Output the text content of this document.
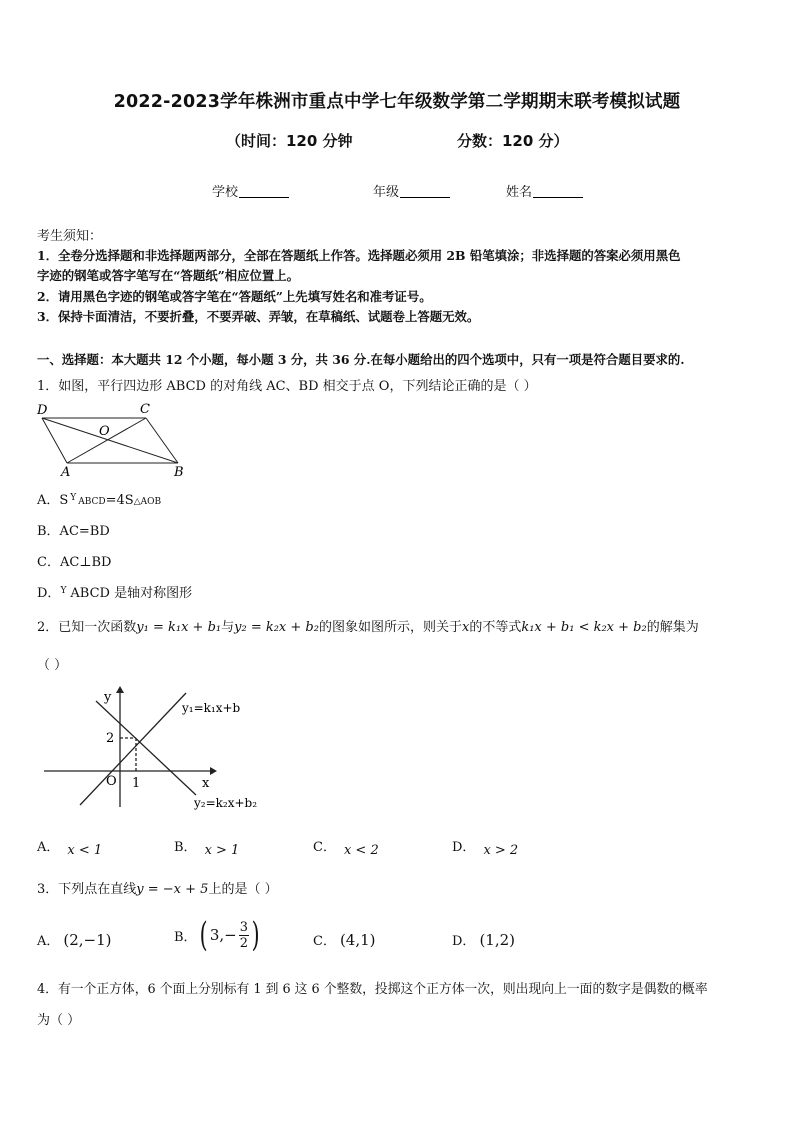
2022-2023学年株洲市重点中学七年级数学第二学期期末联考模拟试题
（时间：120 分钟	分数：120 分）
学校	年级	姓名
考生须知：
1．全卷分选择题和非选择题两部分，全部在答题纸上作答。选择题必须用 2B 铅笔填涂；非选择题的答案必须用黑色
字迹的钢笔或答字笔写在“答题纸”相应位置上。
2．请用黑色字迹的钢笔或答字笔在“答题纸”上先填写姓名和准考证号。
3．保持卡面清洁，不要折叠，不要弄破、弄皱，在草稿纸、试题卷上答题无效。
一、选择题：本大题共 12 个小题，每小题 3 分，共 36 分.在每小题给出的四个选项中，只有一项是符合题目要求的.
1．如图，平行四边形 ABCD 的对角线 AC、BD 相交于点 O，下列结论正确的是（ ）
D	C
O
A	B
A．S $^Y$ ABCD=4S△AOB
B．AC=BD
C．AC⊥BD
D．$^Y$ ABCD 是轴对称图形
2．已知一次函数y₁ = k₁x + b₁与y₂ = k₂x + b₂的图象如图所示，则关于x的不等式k₁x + b₁ < k₂x + b₂的解集为
（ ）
y
x
O
2
1
y₁=k₁x+b
y₂=k₂x+b₂
A． x < 1	B． x > 1	C． x < 2	D． x > 2
3．下列点在直线y = −x + 5上的是（ ）
A． (2,−1)	B．( $3,- \frac{3}{2}$ )	C． (4,1)	D． (1,2)
4．有一个正方体，6 个面上分别标有 1 到 6 这 6 个整数，投掷这个正方体一次，则出现向上一面的数字是偶数的概率
为（ ）
